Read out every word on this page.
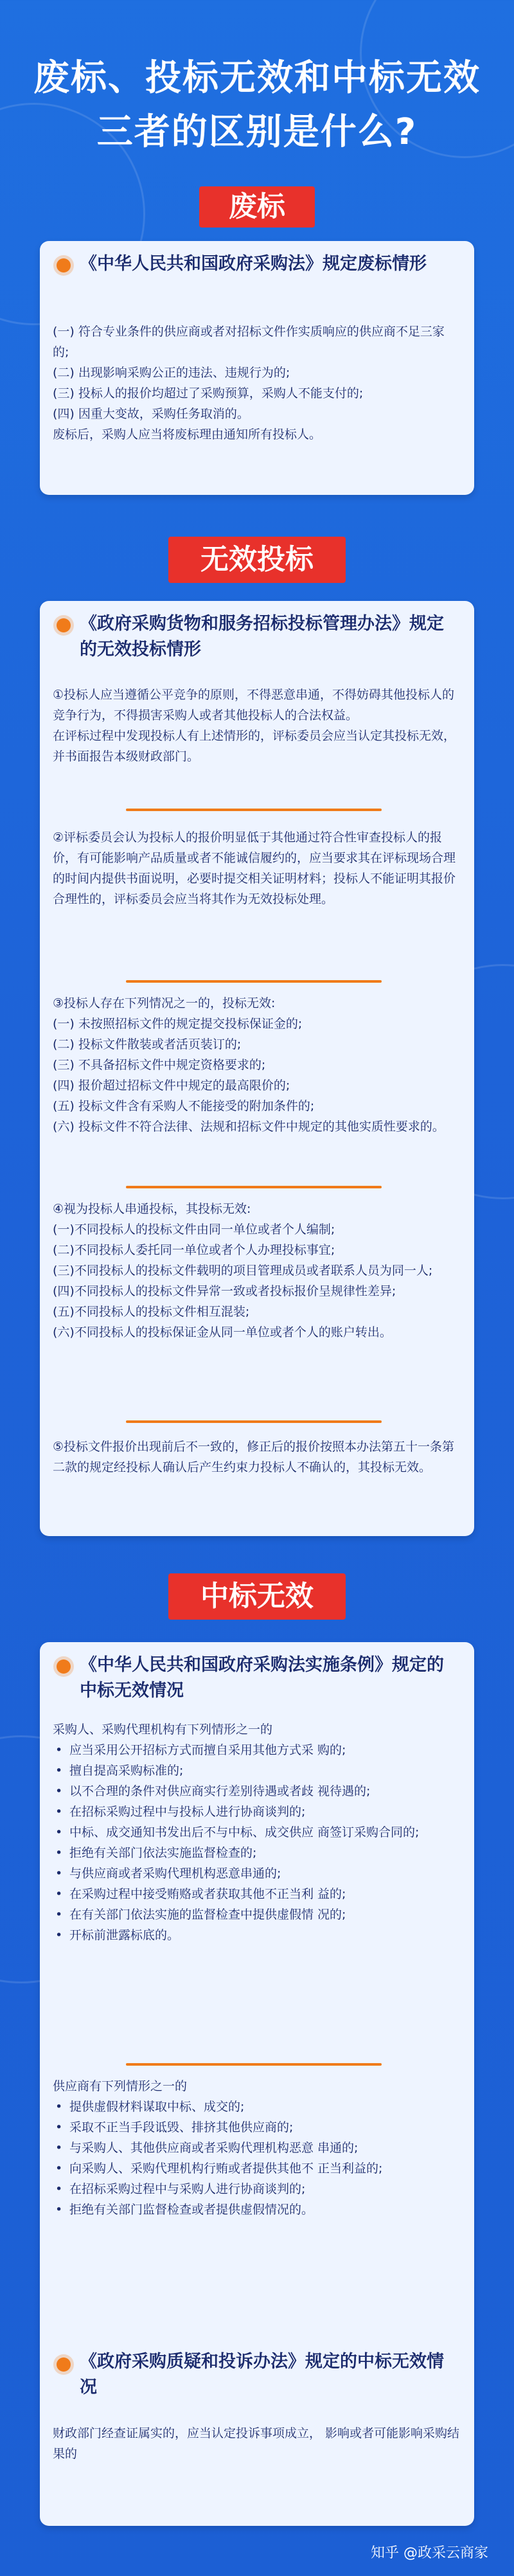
废标、投标无效和中标无效
三者的区别是什么?
废标
《中华人民共和国政府采购法》规定废标情形

(一) 符合专业条件的供应商或者对招标文件作实质响应的供应商不足三家的;

(二) 出现影响采购公正的违法、违规行为的;

(三) 投标人的报价均超过了采购预算，采购人不能支付的;

(四) 因重大变故，采购任务取消的。

废标后，采购人应当将废标理由通知所有投标人。

无效投标
《政府采购货物和服务招标投标管理办法》规定的无效投标情形

①投标人应当遵循公平竞争的原则，不得恶意串通，不得妨碍其他投标人的竞争行为，不得损害采购人或者其他投标人的合法权益。

在评标过程中发现投标人有上述情形的，评标委员会应当认定其投标无效，并书面报告本级财政部门。

②评标委员会认为投标人的报价明显低于其他通过符合性审查投标人的报价，有可能影响产品质量或者不能诚信履约的，应当要求其在评标现场合理的时间内提供书面说明，必要时提交相关证明材料；投标人不能证明其报价合理性的，评标委员会应当将其作为无效投标处理。

③投标人存在下列情况之一的，投标无效:

(一) 未按照招标文件的规定提交投标保证金的;

(二) 投标文件散装或者活页装订的;

(三) 不具备招标文件中规定资格要求的;

(四) 报价超过招标文件中规定的最高限价的;

(五) 投标文件含有采购人不能接受的附加条件的;

(六) 投标文件不符合法律、法规和招标文件中规定的其他实质性要求的。

④视为投标人串通投标，其投标无效:

(一)不同投标人的投标文件由同一单位或者个人编制;

(二)不同投标人委托同一单位或者个人办理投标事宜;

(三)不同投标人的投标文件载明的项目管理成员或者联系人员为同一人;

(四)不同投标人的投标文件异常一致或者投标报价呈规律性差异;

(五)不同投标人的投标文件相互混装;

(六)不同投标人的投标保证金从同一单位或者个人的账户转出。

⑤投标文件报价出现前后不一致的，修正后的报价按照本办法第五十一条第二款的规定经投标人确认后产生约束力投标人不确认的，其投标无效。

中标无效
《中华人民共和国政府采购法实施条例》规定的中标无效情况

采购人、采购代理机构有下列情形之一的

• 应当采用公开招标方式而擅自采用其他方式采 购的;

• 擅自提高采购标准的;

• 以不合理的条件对供应商实行差别待遇或者歧 视待遇的;

• 在招标采购过程中与投标人进行协商谈判的;

• 中标、成交通知书发出后不与中标、成交供应 商签订采购合同的;

• 拒绝有关部门依法实施监督检查的;

• 与供应商或者采购代理机构恶意串通的;

• 在采购过程中接受贿赂或者获取其他不正当利 益的;

• 在有关部门依法实施的监督检查中提供虚假情 况的;

• 开标前泄露标底的。

供应商有下列情形之一的

• 提供虚假材料谋取中标、成交的;

• 采取不正当手段诋毁、排挤其他供应商的;

• 与采购人、其他供应商或者采购代理机构恶意 串通的;

• 向采购人、采购代理机构行贿或者提供其他不 正当利益的;

• 在招标采购过程中与采购人进行协商谈判的;

• 拒绝有关部门监督检查或者提供虚假情况的。

《政府采购质疑和投诉办法》规定的中标无效情况

财政部门经查证属实的，应当认定投诉事项成立， 影响或者可能影响采购结果的

知乎 @政采云商家
